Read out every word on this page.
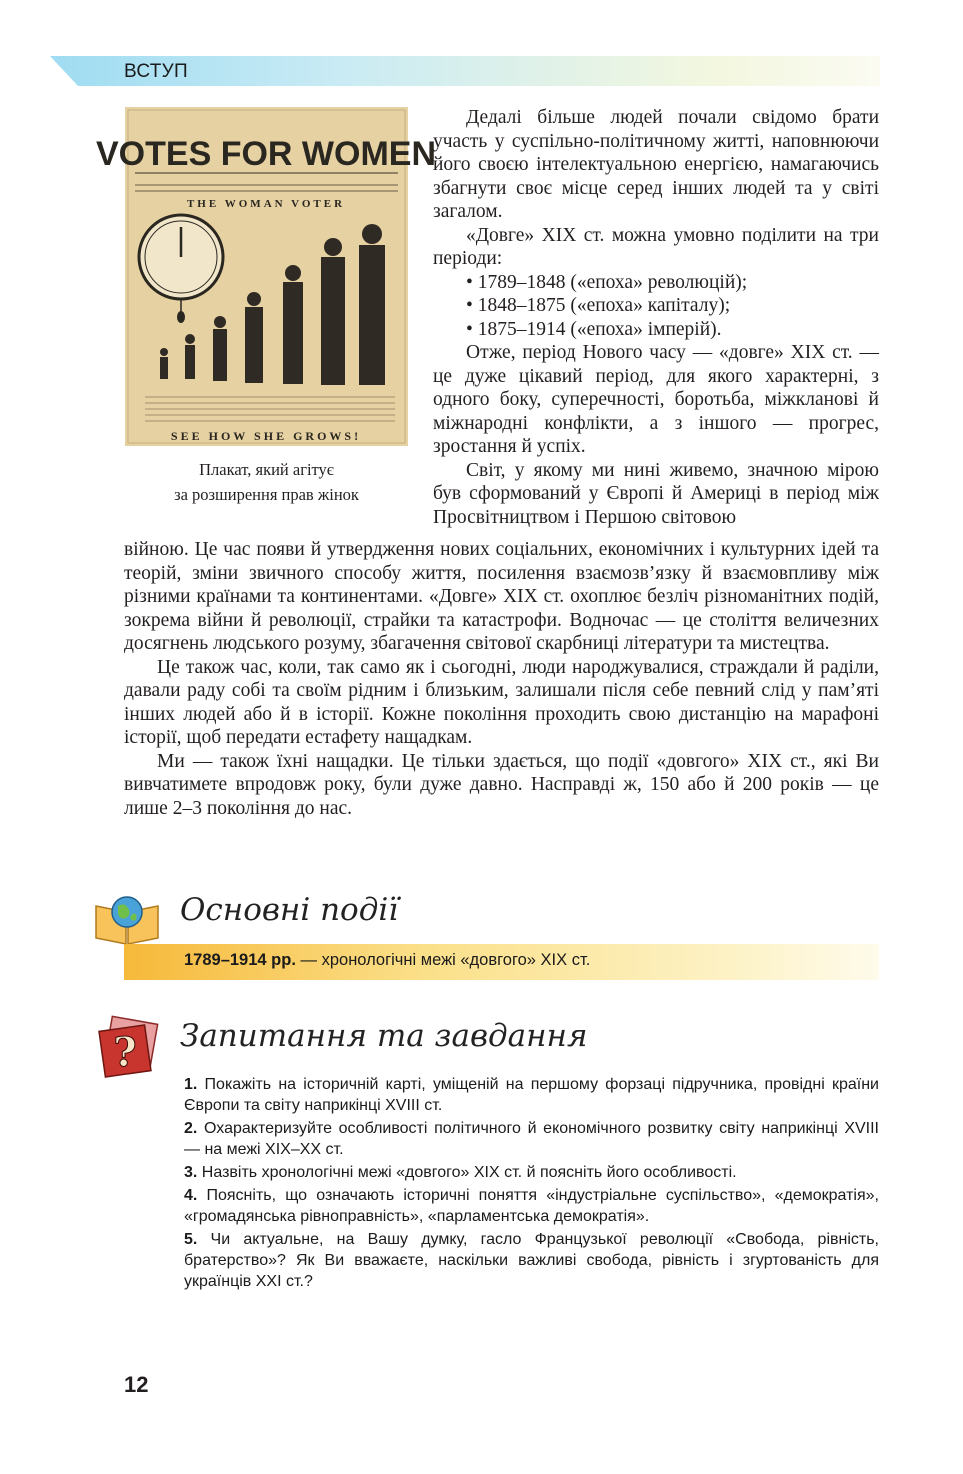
ВСТУП
VOTES FOR WOMEN
THE WOMAN VOTER
SEE HOW SHE GROWS!
Плакат, який агітує
за розширення прав жінок

Дедалі більше людей почали свідомо брати участь у суспільно-політичному житті, наповнюючи його своєю інтелектуальною енергією, намагаючись збагнути своє місце серед інших людей та у світі загалом.

«Довге» XIX ст. можна умовно поділити на три періоди:

• 1789–1848 («епоха» революцій);

• 1848–1875 («епоха» капіталу);

• 1875–1914 («епоха» імперій).

Отже, період Нового часу — «довге» XIX ст. — це дуже цікавий період, для якого характерні, з одного боку, суперечності, боротьба, міжкланові й міжнародні конфлікти, а з іншого — прогрес, зростання й успіх.

Світ, у якому ми нині живемо, значною мірою був сформований у Європі й Америці в період між Просвітництвом і Першою світовою

війною. Це час появи й утвердження нових соціальних, економічних і культурних ідей та теорій, зміни звичного способу життя, посилення взаємозв’язку й взаємовпливу між різними країнами та континентами. «Довге» XIX ст. охоплює безліч різноманітних подій, зокрема війни й революції, страйки та катастрофи. Водночас — це століття величезних досягнень людського розуму, збагачення світової скарбниці літератури та мистецтва.

Це також час, коли, так само як і сьогодні, люди народжувалися, страждали й раділи, давали раду собі та своїм рідним і близьким, залишали після себе певний слід у пам’яті інших людей або й в історії. Кожне покоління проходить свою дистанцію на марафоні історії, щоб передати естафету нащадкам.

Ми — також їхні нащадки. Це тільки здається, що події «довгого» XIX ст., які Ви вивчатимете впродовж року, були дуже давно. Насправді ж, 150 або й 200 років — це лише 2–3 покоління до нас.

Основні події
1789–1914 рр. — хронологічні межі «довгого» XIX ст.
? Запитання та завдання

1. Покажіть на історичній карті, уміщеній на першому форзаці підручника, провідні країни Європи та світу наприкінці XVIII ст.

2. Охарактеризуйте особливості політичного й економічного розвитку світу наприкінці XVIII — на межі XIX–XX ст.

3. Назвіть хронологічні межі «довгого» XIX ст. й поясніть його особливості.

4. Поясніть, що означають історичні поняття «індустріальне суспільство», «демократія», «громадянська рівноправність», «парламентська демократія».

5. Чи актуальне, на Вашу думку, гасло Французької революції «Свобода, рівність, братерство»? Як Ви вважаєте, наскільки важливі свобода, рівність і згуртованість для українців XXI ст.?

12
